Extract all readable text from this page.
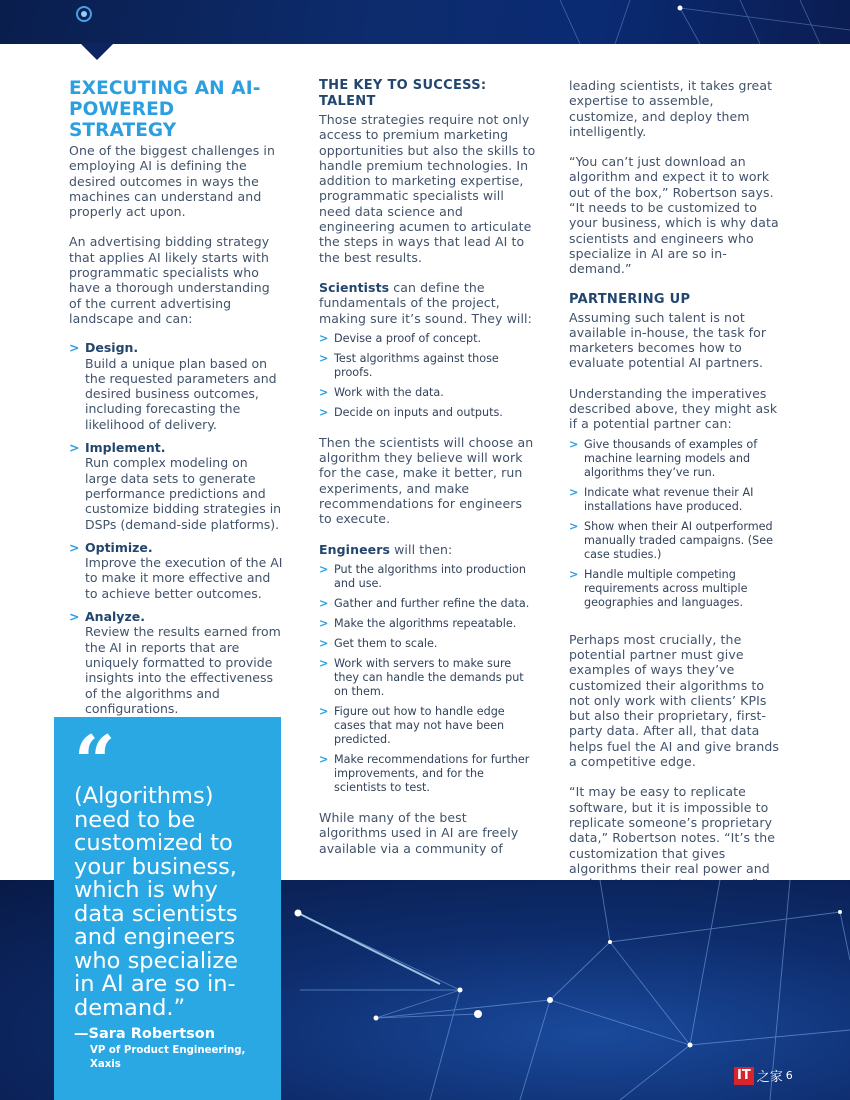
EXECUTING AN AI-POWERED STRATEGY

One of the biggest challenges in employing AI is defining the desired outcomes in ways the machines can understand and properly act upon.

An advertising bidding strategy that applies AI likely starts with programmatic specialists who have a thorough understanding of the current advertising landscape and can:

> Design.
Build a unique plan based on the requested parameters and desired business outcomes, including forecasting the likelihood of delivery.
> Implement.
Run complex modeling on large data sets to generate performance predictions and customize bidding strategies in DSPs (demand-side platforms).
> Optimize.
Improve the execution of the AI to make it more effective and to achieve better outcomes.
> Analyze.
Review the results earned from the AI in reports that are uniquely formatted to provide insights into the effectiveness of the algorithms and configurations.
THE KEY TO SUCCESS: TALENT

Those strategies require not only access to premium marketing opportunities but also the skills to handle premium technologies. In addition to marketing expertise, programmatic specialists will need data science and engineering acumen to articulate the steps in ways that lead AI to the best results.

Scientists can define the fundamentals of the project, making sure it’s sound. They will:

> Devise a proof of concept.
> Test algorithms against those proofs.
> Work with the data.
> Decide on inputs and outputs.

Then the scientists will choose an algorithm they believe will work for the case, make it better, run experiments, and make recommendations for engineers to execute.

Engineers will then:

> Put the algorithms into production and use.
> Gather and further refine the data.
> Make the algorithms repeatable.
> Get them to scale.
> Work with servers to make sure they can handle the demands put on them.
> Figure out how to handle edge cases that may not have been predicted.
> Make recommendations for further improvements, and for the scientists to test.

While many of the best algorithms used in AI are freely available via a community of

leading scientists, it takes great expertise to assemble, customize, and deploy them intelligently.

“You can’t just download an algorithm and expect it to work out of the box,” Robertson says. “It needs to be customized to your business, which is why data scientists and engineers who specialize in AI are so in-demand.”

PARTNERING UP

Assuming such talent is not available in-house, the task for marketers becomes how to evaluate potential AI partners.

Understanding the imperatives described above, they might ask if a potential partner can:

> Give thousands of examples of machine learning models and algorithms they’ve run.
> Indicate what revenue their AI installations have produced.
> Show when their AI outperformed manually traded campaigns. (See case studies.)
> Handle multiple competing requirements across multiple geographies and languages.

Perhaps most crucially, the potential partner must give examples of ways they’ve customized their algorithms to not only work with clients’ KPIs but also their proprietary, first-party data. After all, that data helps fuel the AI and give brands a competitive edge.

“It may be easy to replicate software, but it is impossible to replicate someone’s proprietary data,” Robertson notes. “It’s the customization that gives algorithms their real power and

“
(Algorithms) need to be customized to your business, which is why data scientists and engineers who specialize in AI are so in-demand.”
—Sara Robertson
VP of Product Engineering,
Xaxis
IT 之家 6
